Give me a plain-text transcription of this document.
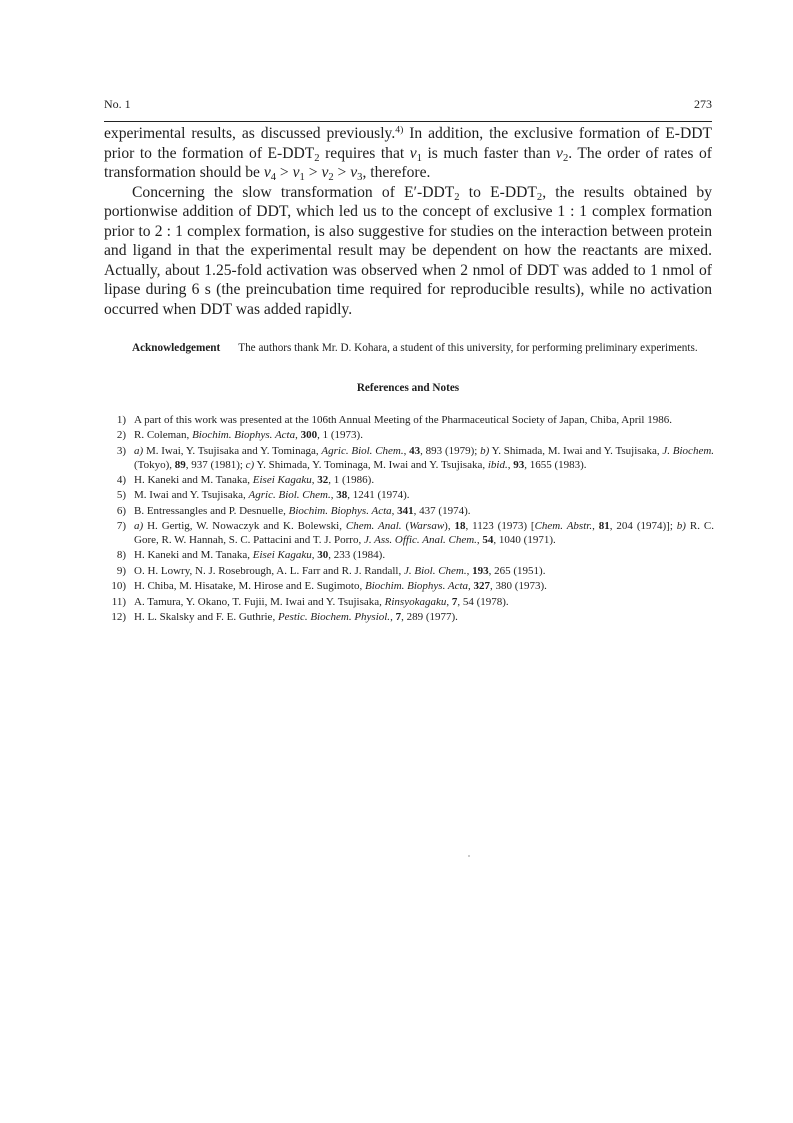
No. 1	273

experimental results, as discussed previously.$^{4)}$ In addition, the exclusive formation of E-DDT prior to the formation of $E-DDT_2$ requires that $v_1$ is much faster than $v_2$. The order of rates of transformation should be $v_4 > v_1 > v_2 > v_3$, therefore.

Concerning the slow transformation of $E'-DDT_2$ to $E-DDT_2$, the results obtained by portionwise addition of DDT, which led us to the concept of exclusive 1 : 1 complex formation prior to 2 : 1 complex formation, is also suggestive for studies on the interaction between protein and ligand in that the experimental result may be dependent on how the reactants are mixed. Actually, about 1.25-fold activation was observed when 2 nmol of DDT was added to 1 nmol of lipase during 6 s (the preincubation time required for reproducible results), while no activation occurred when DDT was added rapidly.

Acknowledgement The authors thank Mr. D. Kohara, a student of this university, for performing preliminary experiments.

References and Notes
1) A part of this work was presented at the 106th Annual Meeting of the Pharmaceutical Society of Japan, Chiba, April 1986.
2) R. Coleman, Biochim. Biophys. Acta, 300, 1 (1973).
3) a) M. Iwai, Y. Tsujisaka and Y. Tominaga, Agric. Biol. Chem., 43, 893 (1979); b) Y. Shimada, M. Iwai and Y. Tsujisaka, J. Biochem. (Tokyo), 89, 937 (1981); c) Y. Shimada, Y. Tominaga, M. Iwai and Y. Tsujisaka, ibid., 93, 1655 (1983).
4) H. Kaneki and M. Tanaka, Eisei Kagaku, 32, 1 (1986).
5) M. Iwai and Y. Tsujisaka, Agric. Biol. Chem., 38, 1241 (1974).
6) B. Entressangles and P. Desnuelle, Biochim. Biophys. Acta, 341, 437 (1974).
7) a) H. Gertig, W. Nowaczyk and K. Bolewski, Chem. Anal. (Warsaw), 18, 1123 (1973) [Chem. Abstr., 81, 204 (1974)]; b) R. C. Gore, R. W. Hannah, S. C. Pattacini and T. J. Porro, J. Ass. Offic. Anal. Chem., 54, 1040 (1971).
8) H. Kaneki and M. Tanaka, Eisei Kagaku, 30, 233 (1984).
9) O. H. Lowry, N. J. Rosebrough, A. L. Farr and R. J. Randall, J. Biol. Chem., 193, 265 (1951).
10) H. Chiba, M. Hisatake, M. Hirose and E. Sugimoto, Biochim. Biophys. Acta, 327, 380 (1973).
11) A. Tamura, Y. Okano, T. Fujii, M. Iwai and Y. Tsujisaka, Rinsyokagaku, 7, 54 (1978).
12) H. L. Skalsky and F. E. Guthrie, Pestic. Biochem. Physiol., 7, 289 (1977).
